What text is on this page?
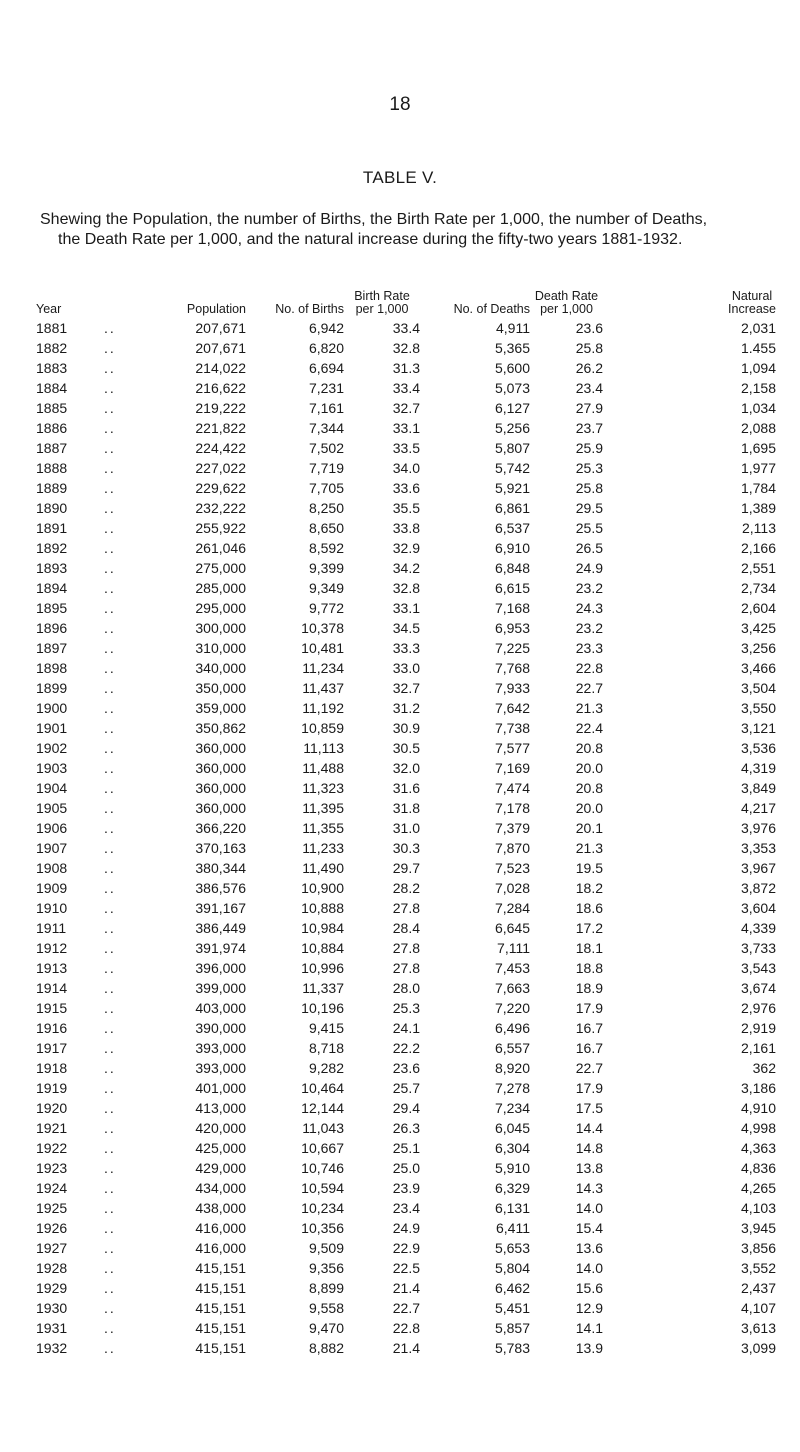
18
TABLE V.
Shewing the Population, the number of Births, the Birth Rate per 1,000, the number of Deaths,
the Death Rate per 1,000, and the natural increase during the fifty-two years 1881-1932.
Year		Population	No. of Births	Birth Rate
per 1,000	No. of Deaths	Death Rate
per 1,000	Natural
Increase
1881	..	207,671	6,942	33.4	4,911	23.6	2,031
1882	..	207,671	6,820	32.8	5,365	25.8	1.455
1883	..	214,022	6,694	31.3	5,600	26.2	1,094
1884	..	216,622	7,231	33.4	5,073	23.4	2,158
1885	..	219,222	7,161	32.7	6,127	27.9	1,034
1886	..	221,822	7,344	33.1	5,256	23.7	2,088
1887	..	224,422	7,502	33.5	5,807	25.9	1,695
1888	..	227,022	7,719	34.0	5,742	25.3	1,977
1889	..	229,622	7,705	33.6	5,921	25.8	1,784
1890	..	232,222	8,250	35.5	6,861	29.5	1,389
1891	..	255,922	8,650	33.8	6,537	25.5	2,113
1892	..	261,046	8,592	32.9	6,910	26.5	2,166
1893	..	275,000	9,399	34.2	6,848	24.9	2,551
1894	..	285,000	9,349	32.8	6,615	23.2	2,734
1895	..	295,000	9,772	33.1	7,168	24.3	2,604
1896	..	300,000	10,378	34.5	6,953	23.2	3,425
1897	..	310,000	10,481	33.3	7,225	23.3	3,256
1898	..	340,000	11,234	33.0	7,768	22.8	3,466
1899	..	350,000	11,437	32.7	7,933	22.7	3,504
1900	..	359,000	11,192	31.2	7,642	21.3	3,550
1901	..	350,862	10,859	30.9	7,738	22.4	3,121
1902	..	360,000	11,113	30.5	7,577	20.8	3,536
1903	..	360,000	11,488	32.0	7,169	20.0	4,319
1904	..	360,000	11,323	31.6	7,474	20.8	3,849
1905	..	360,000	11,395	31.8	7,178	20.0	4,217
1906	..	366,220	11,355	31.0	7,379	20.1	3,976
1907	..	370,163	11,233	30.3	7,870	21.3	3,353
1908	..	380,344	11,490	29.7	7,523	19.5	3,967
1909	..	386,576	10,900	28.2	7,028	18.2	3,872
1910	..	391,167	10,888	27.8	7,284	18.6	3,604
1911	..	386,449	10,984	28.4	6,645	17.2	4,339
1912	..	391,974	10,884	27.8	7,111	18.1	3,733
1913	..	396,000	10,996	27.8	7,453	18.8	3,543
1914	..	399,000	11,337	28.0	7,663	18.9	3,674
1915	..	403,000	10,196	25.3	7,220	17.9	2,976
1916	..	390,000	9,415	24.1	6,496	16.7	2,919
1917	..	393,000	8,718	22.2	6,557	16.7	2,161
1918	..	393,000	9,282	23.6	8,920	22.7	362
1919	..	401,000	10,464	25.7	7,278	17.9	3,186
1920	..	413,000	12,144	29.4	7,234	17.5	4,910
1921	..	420,000	11,043	26.3	6,045	14.4	4,998
1922	..	425,000	10,667	25.1	6,304	14.8	4,363
1923	..	429,000	10,746	25.0	5,910	13.8	4,836
1924	..	434,000	10,594	23.9	6,329	14.3	4,265
1925	..	438,000	10,234	23.4	6,131	14.0	4,103
1926	..	416,000	10,356	24.9	6,411	15.4	3,945
1927	..	416,000	9,509	22.9	5,653	13.6	3,856
1928	..	415,151	9,356	22.5	5,804	14.0	3,552
1929	..	415,151	8,899	21.4	6,462	15.6	2,437
1930	..	415,151	9,558	22.7	5,451	12.9	4,107
1931	..	415,151	9,470	22.8	5,857	14.1	3,613
1932	..	415,151	8,882	21.4	5,783	13.9	3,099
